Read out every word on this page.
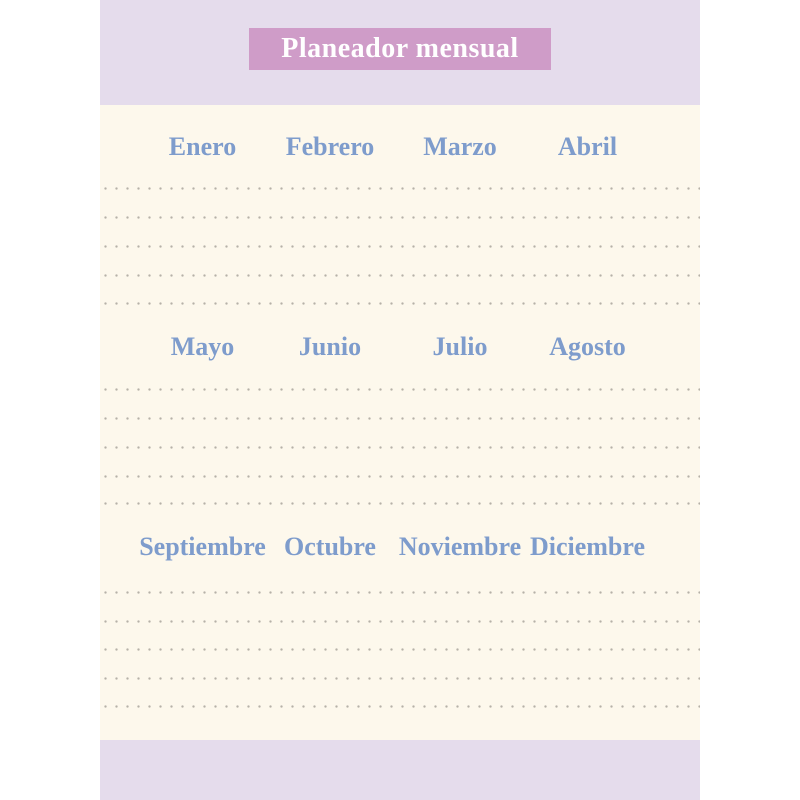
Planeador mensual
Enero	Febrero	Marzo	Abril
Mayo	Junio	Julio	Agosto
Septiembre Octubre Noviembre Diciembre
